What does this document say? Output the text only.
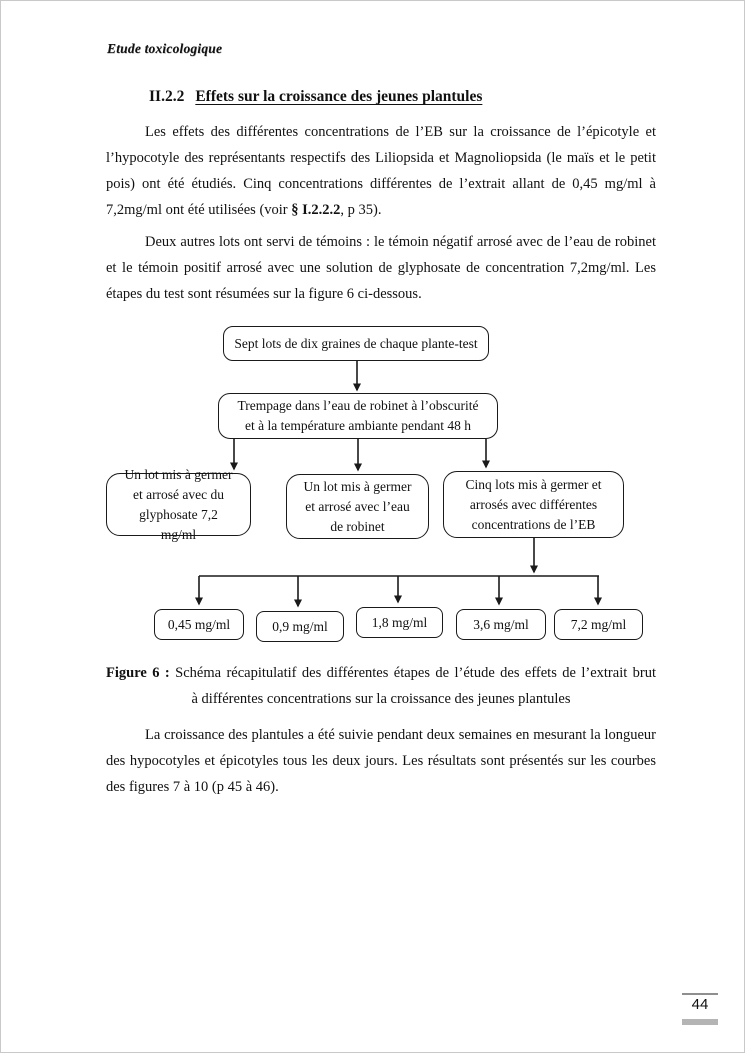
Etude toxicologique
II.2.2 Effets sur la croissance des jeunes plantules
Les effets des différentes concentrations de l’EB sur la croissance de l’épicotyle et l’hypocotyle des représentants respectifs des Liliopsida et Magnoliopsida (le maïs et le petit pois) ont été étudiés. Cinq concentrations différentes de l’extrait allant de 0,45 mg/ml à 7,2mg/ml ont été utilisées (voir § I.2.2.2, p 35).
Deux autres lots ont servi de témoins : le témoin négatif arrosé avec de l’eau de robinet et le témoin positif arrosé avec une solution de glyphosate de concentration 7,2mg/ml. Les étapes du test sont résumées sur la figure 6 ci-dessous.
Sept lots de dix graines de chaque plante-test
Trempage dans l’eau de robinet à l’obscurité et à la température ambiante pendant 48 h
Un lot mis à germer et arrosé avec du glyphosate 7,2 mg/ml
Un lot mis à germer et arrosé avec l’eau de robinet
Cinq lots mis à germer et arrosés avec différentes concentrations de l’EB
0,45 mg/ml	0,9 mg/ml	1,8 mg/ml	3,6 mg/ml	7,2 mg/ml
Figure 6 : Schéma récapitulatif des différentes étapes de l’étude des effets de l’extrait brut
à différentes concentrations sur la croissance des jeunes plantules
La croissance des plantules a été suivie pendant deux semaines en mesurant la longueur des hypocotyles et épicotyles tous les deux jours. Les résultats sont présentés sur les courbes des figures 7 à 10 (p 45 à 46).
44
